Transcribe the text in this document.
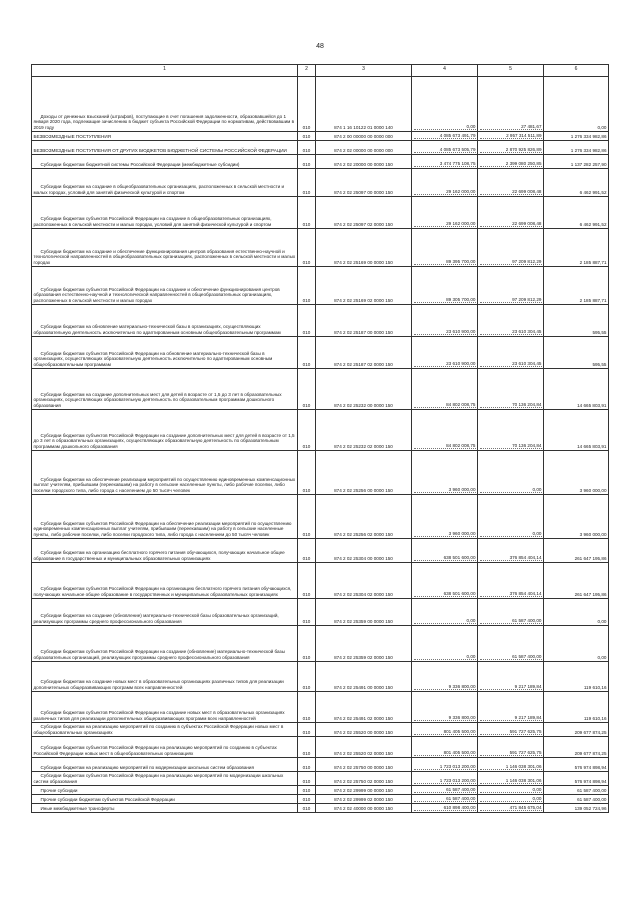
48
1	2	3	4	5	6

Доходы от денежных взысканий (штрафов), поступающие в счет погашения задолженности, образовавшейся до 1 января 2020 года, подлежащие зачислению в бюджет субъекта Российской Федерации по нормативам, действовавшим в 2019 году	010	874 1 16 10122 01 0000 140	0,00	27 481,67	0,00

БЕЗВОЗМЕЗДНЫЕ ПОСТУПЛЕНИЯ	010	874 2 00 00000 00 0000 000	4 085 673 491,79	2 957 314 511,89	1 276 334 982,86

БЕЗВОЗМЕЗДНЫЕ ПОСТУПЛЕНИЯ ОТ ДРУГИХ БЮДЖЕТОВ БЮДЖЕТНОЙ СИСТЕМЫ РОССИЙСКОЙ ФЕДЕРАЦИИ	010	874 2 02 00000 00 0000 000	4 085 673 505,79	2 870 925 826,89	1 276 334 982,86

Субсидии бюджетам бюджетной системы Российской Федерации (межбюджетные субсидии)	010	874 2 02 20000 00 0000 150	3 474 775 108,75	2 399 080 250,85	1 137 282 257,90

Субсидии бюджетам на создание в общеобразовательных организациях, расположенных в сельской местности и малых городах, условий для занятий физической культурой и спортом	010	874 2 02 25097 00 0000 150	29 162 000,00	22 699 008,48	6 462 991,52

Субсидии бюджетам субъектов Российской Федерации на создание в общеобразовательных организациях, расположенных в сельской местности и малых городах, условий для занятий физической культурой и спортом	010	874 2 02 25097 02 0000 150	29 162 000,00	22 699 008,48	6 462 991,52

Субсидии бюджетам на создание и обеспечение функционирования центров образования естественно-научной и технологической направленностей в общеобразовательных организациях, расположенных в сельской местности и малых городах	010	874 2 02 25169 00 0000 150	89 395 700,00	97 209 812,29	2 185 887,71

Субсидии бюджетам субъектов Российской Федерации на создание и обеспечение функционирования центров образования естественно-научной и технологической направленностей в общеобразовательных организациях, расположенных в сельской местности и малых городах	010	874 2 02 25169 02 0000 150	89 305 700,00	97 209 812,29	2 185 887,71

Субсидии бюджетам на обновление материально-технической базы в организациях, осуществляющих образовательную деятельность исключительно по адаптированным основным общеобразовательным программам	010	874 2 02 25187 00 0000 150	23 610 900,00	23 610 304,45	595,55

Субсидии бюджетам субъектов Российской Федерации на обновление материально-технической базы в организациях, осуществляющих образовательную деятельность исключительно по адаптированным основным общеобразовательным программам	010	874 2 02 25187 02 0000 150	23 610 900,00	23 610 304,45	595,55

Субсидии бюджетам на создание дополнительных мест для детей в возрасте от 1,5 до 3 лет в образовательных организациях, осуществляющих образовательную деятельность по образовательным программам дошкольного образования	010	874 2 02 25232 00 0000 150	84 802 008,75	70 136 204,84	14 665 803,91

Субсидии бюджетам субъектов Российской Федерации на создание дополнительных мест для детей в возрасте от 1,5 до 3 лет в образовательных организациях, осуществляющих образовательную деятельность по образовательным программам дошкольного образования	010	874 2 02 25232 02 0000 150	84 802 008,75	70 136 204,84	14 665 803,91

Субсидии бюджетам на обеспечение реализации мероприятий по осуществлению единовременных компенсационных выплат учителям, прибывшим (переехавшим) на работу в сельские населенные пункты, либо рабочие поселки, либо поселки городского типа, либо города с населением до 50 тысяч человек	010	874 2 02 25256 00 0000 150	3 960 000,00	0,00	3 960 000,00

Субсидии бюджетам субъектов Российской Федерации на обеспечение реализации мероприятий по осуществлению единовременных компенсационных выплат учителям, прибывшим (переехавшим) на работу в сельские населенные пункты, либо рабочие поселки, либо поселки городского типа, либо города с населением до 50 тысяч человек	010	874 2 02 25256 02 0000 150	3 960 000,00	0,00	3 960 000,00

Субсидии бюджетам на организацию бесплатного горячего питания обучающихся, получающих начальное общее образование в государственных и муниципальных образовательных организациях	010	874 2 02 25304 00 0000 150	638 501 600,00	376 854 404,14	261 647 195,86

Субсидии бюджетам субъектов Российской Федерации на организацию бесплатного горячего питания обучающихся, получающих начальное общее образование в государственных и муниципальных образовательных организациях	010	874 2 02 25304 02 0000 150	638 501 600,00	376 854 404,14	261 647 195,86

Субсидии бюджетам на создание (обновление) материально-технической базы образовательных организаций, реализующих программы среднего профессионального образования	010	874 2 02 25359 00 0000 150	0,00	61 587 400,00	0,00

Субсидии бюджетам субъектов Российской Федерации на создание (обновление) материально-технической базы образовательных организаций, реализующих программы среднего профессионального образования	010	874 2 02 25359 02 0000 150	0,00	61 587 400,00	0,00

Субсидии бюджетам на создание новых мест в образовательных организациях различных типов для реализации дополнительных общеразвивающих программ всех направленностей	010	874 2 02 25491 00 0000 150	9 336 800,00	9 217 189,84	119 610,16

Субсидии бюджетам субъектов Российской Федерации на создание новых мест в образовательных организациях различных типов для реализации дополнительных общеразвивающих программ всех направленностей	010	874 2 02 25491 02 0000 150	9 336 800,00	9 217 189,84	119 610,16

Субсидии бюджетам на реализацию мероприятий по созданию в субъектах Российской Федерации новых мест в общеобразовательных организациях	010	874 2 02 25520 00 0000 150	801 405 500,00	591 727 625,75	209 677 874,25

Субсидии бюджетам субъектов Российской Федерации на реализацию мероприятий по созданию в субъектах Российской Федерации новых мест в общеобразовательных организациях	010	874 2 02 25520 02 0000 150	801 405 500,00	591 727 625,75	209 677 874,25

Субсидии бюджетам на реализацию мероприятий по модернизации школьных систем образования	010	874 2 02 25750 00 0000 150	1 723 013 200,00	1 146 038 301,06	576 974 898,94

Субсидии бюджетам субъектов Российской Федерации на реализацию мероприятий по модернизации школьных систем образования	010	874 2 02 25750 02 0000 150	1 723 013 200,00	1 146 038 301,06	576 974 898,94

Прочие субсидии	010	874 2 02 29999 00 0000 150	61 587 400,00	0,00	61 587 400,00

Прочие субсидии бюджетам субъектов Российской Федерации	010	874 2 02 29999 02 0000 150	61 587 400,00	0,00	61 587 400,00

Иные межбюджетные трансферты	010	874 2 02 40000 00 0000 150	610 898 400,00	471 845 675,04	139 052 724,96
